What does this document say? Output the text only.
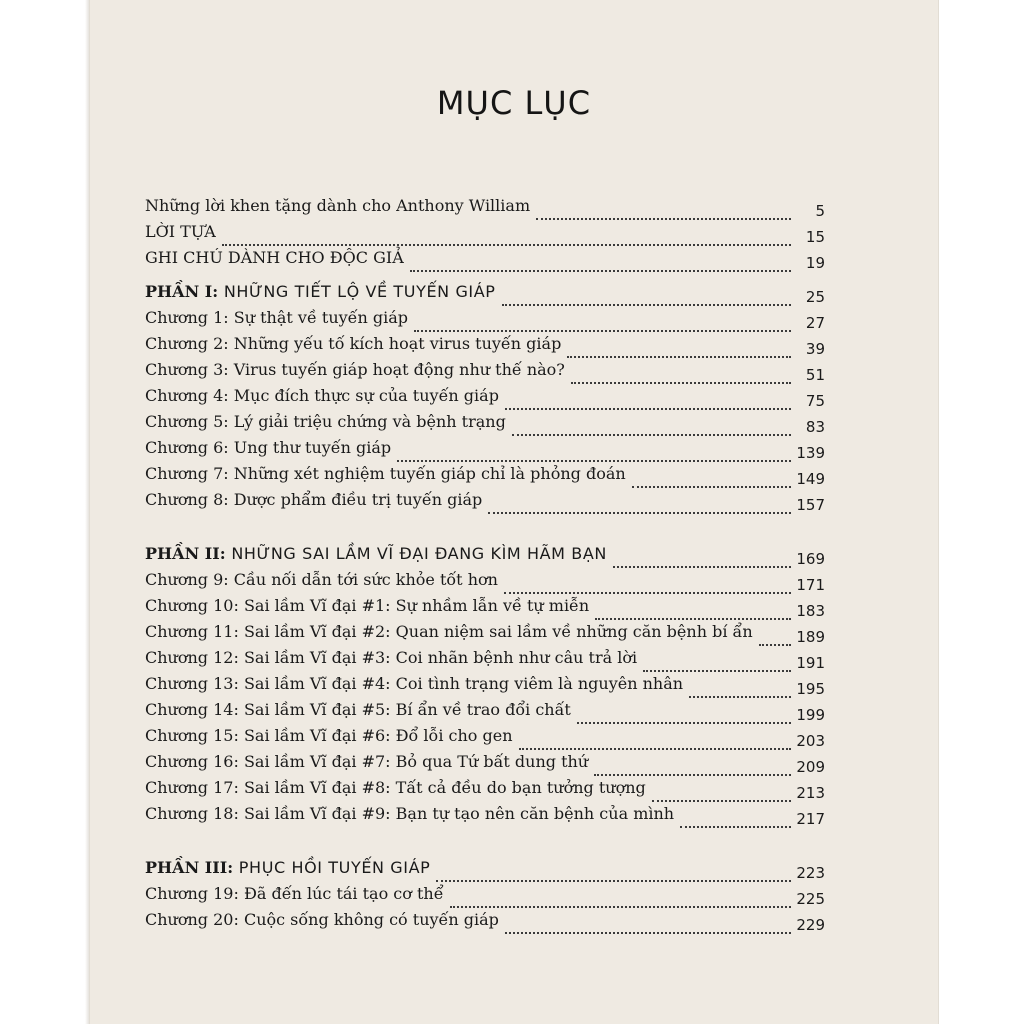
MỤC LỤC
Những lời khen tặng dành cho Anthony William	5
LỜI TỰA	15
GHI CHÚ DÀNH CHO ĐỘC GIẢ	19
PHẦN I: NHỮNG TIẾT LỘ VỀ TUYẾN GIÁP	25
Chương 1: Sự thật về tuyến giáp	27
Chương 2: Những yếu tố kích hoạt virus tuyến giáp	39
Chương 3: Virus tuyến giáp hoạt động như thế nào?	51
Chương 4: Mục đích thực sự của tuyến giáp	75
Chương 5: Lý giải triệu chứng và bệnh trạng	83
Chương 6: Ung thư tuyến giáp	139
Chương 7: Những xét nghiệm tuyến giáp chỉ là phỏng đoán	149
Chương 8: Dược phẩm điều trị tuyến giáp	157
PHẦN II: NHỮNG SAI LẦM VĨ ĐẠI ĐANG KÌM HÃM BẠN	169
Chương 9: Cầu nối dẫn tới sức khỏe tốt hơn	171
Chương 10: Sai lầm Vĩ đại #1: Sự nhầm lẫn về tự miễn	183
Chương 11: Sai lầm Vĩ đại #2: Quan niệm sai lầm về những căn bệnh bí ẩn	189
Chương 12: Sai lầm Vĩ đại #3: Coi nhãn bệnh như câu trả lời	191
Chương 13: Sai lầm Vĩ đại #4: Coi tình trạng viêm là nguyên nhân	195
Chương 14: Sai lầm Vĩ đại #5: Bí ẩn về trao đổi chất	199
Chương 15: Sai lầm Vĩ đại #6: Đổ lỗi cho gen	203
Chương 16: Sai lầm Vĩ đại #7: Bỏ qua Tứ bất dung thứ	209
Chương 17: Sai lầm Vĩ đại #8: Tất cả đều do bạn tưởng tượng	213
Chương 18: Sai lầm Vĩ đại #9: Bạn tự tạo nên căn bệnh của mình	217
PHẦN III: PHỤC HỒI TUYẾN GIÁP	223
Chương 19: Đã đến lúc tái tạo cơ thể	225
Chương 20: Cuộc sống không có tuyến giáp	229
